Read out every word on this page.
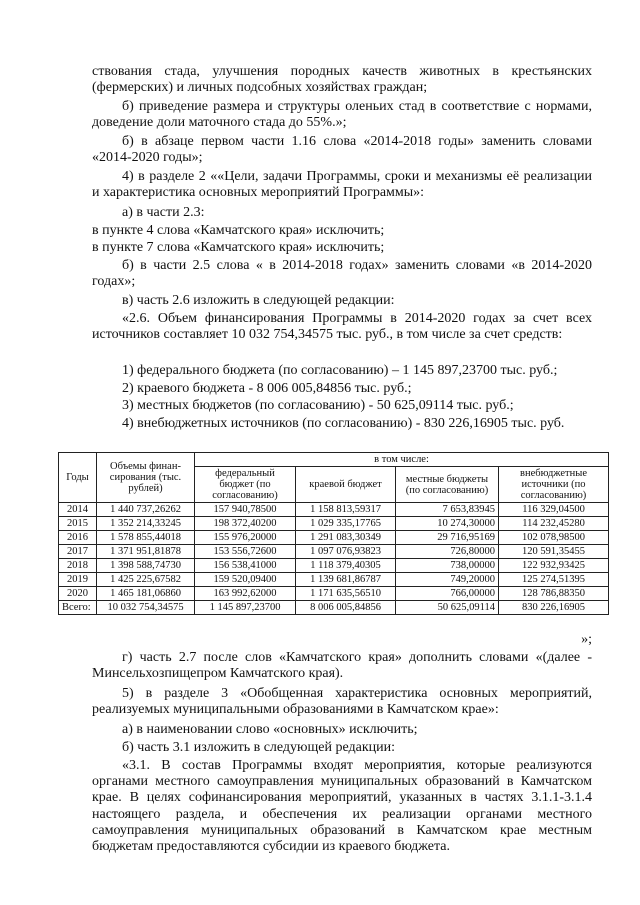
ствования стада, улучшения породных качеств животных в крестьянских (фермерских) и личных подсобных хозяйствах граждан;

б) приведение размера и структуры оленьих стад в соответствие с нормами, доведение доли маточного стада до 55%.»;

б) в абзаце первом части 1.16 слова «2014-2018 годы» заменить словами «2014-2020 годы»;

4) в разделе 2 ««Цели, задачи Программы, сроки и механизмы её реализации и характеристика основных мероприятий Программы»:

а) в части 2.3:

в пункте 4 слова «Камчатского края» исключить;

в пункте 7 слова «Камчатского края» исключить;

б) в части 2.5 слова « в 2014-2018 годах» заменить словами «в 2014-2020 годах»;

в) часть 2.6 изложить в следующей редакции:

«2.6. Объем финансирования Программы в 2014-2020 годах за счет всех источников составляет 10 032 754,34575 тыс. руб., в том числе за счет средств:

1) федерального бюджета (по согласованию) – 1 145 897,23700 тыс. руб.;

2) краевого бюджета - 8 006 005,84856 тыс. руб.;

3) местных бюджетов (по согласованию) - 50 625,09114 тыс. руб.;

4) внебюджетных источников (по согласованию) - 830 226,16905 тыс. руб.

Годы	Объемы финан-сирования (тыс. рублей)	в том числе:			
		федеральный бюджет (по согласованию)	краевой бюджет	местные бюджеты (по согласованию)	внебюджетные источники (по согласованию)
2014	1 440 737,26262	157 940,78500	1 158 813,59317	7 653,83945	116 329,04500
2015	1 352 214,33245	198 372,40200	1 029 335,17765	10 274,30000	114 232,45280
2016	1 578 855,44018	155 976,20000	1 291 083,30349	29 716,95169	102 078,98500
2017	1 371 951,81878	153 556,72600	1 097 076,93823	726,80000	120 591,35455
2018	1 398 588,74730	156 538,41000	1 118 379,40305	738,00000	122 932,93425
2019	1 425 225,67582	159 520,09400	1 139 681,86787	749,20000	125 274,51395
2020	1 465 181,06860	163 992,62000	1 171 635,56510	766,00000	128 786,88350
Всего:	10 032 754,34575	1 145 897,23700	8 006 005,84856	50 625,09114	830 226,16905

»;

г) часть 2.7 после слов «Камчатского края» дополнить словами «(далее - Минсельхозпищепром Камчатского края).

5) в разделе 3 «Обобщенная характеристика основных мероприятий, реализуемых муниципальными образованиями в Камчатском крае»:

а) в наименовании слово «основных» исключить;

б) часть 3.1 изложить в следующей редакции:

«3.1. В состав Программы входят мероприятия, которые реализуются органами местного самоуправления муниципальных образований в Камчатском крае. В целях софинансирования мероприятий, указанных в частях 3.1.1-3.1.4 настоящего раздела, и обеспечения их реализации органами местного самоуправления муниципальных образований в Камчатском крае местным бюджетам предоставляются субсидии из краевого бюджета.
